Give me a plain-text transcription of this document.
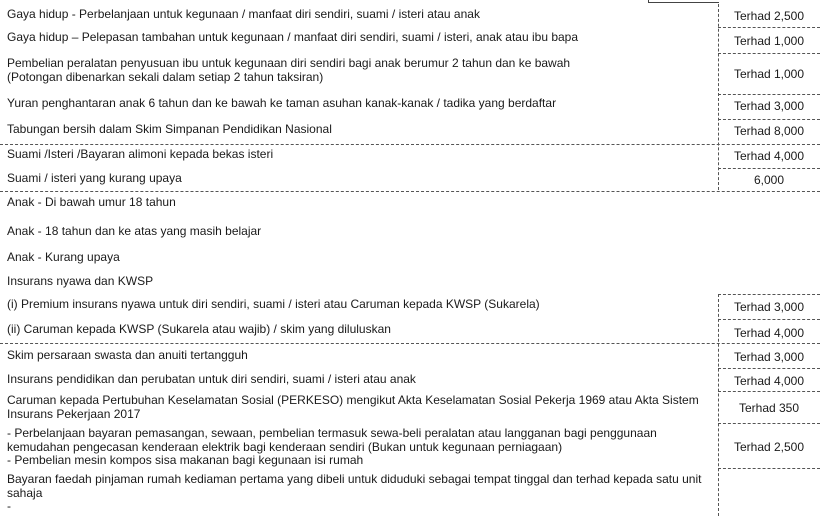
Gaya hidup - Perbelanjaan untuk kegunaan / manfaat diri sendiri, suami / isteri atau anak	Terhad 2,500
Gaya hidup – Pelepasan tambahan untuk kegunaan / manfaat diri sendiri, suami / isteri, anak atau ibu bapa	Terhad 1,000
Pembelian peralatan penyusuan ibu untuk kegunaan diri sendiri bagi anak berumur 2 tahun dan ke bawah
(Potongan dibenarkan sekali dalam setiap 2 tahun taksiran)	Terhad 1,000
Yuran penghantaran anak 6 tahun dan ke bawah ke taman asuhan kanak-kanak / tadika yang berdaftar	Terhad 3,000
Tabungan bersih dalam Skim Simpanan Pendidikan Nasional	Terhad 8,000
Suami /Isteri /Bayaran alimoni kepada bekas isteri	Terhad 4,000
Suami / isteri yang kurang upaya	6,000
Anak - Di bawah umur 18 tahun
Anak - 18 tahun dan ke atas yang masih belajar
Anak - Kurang upaya
Insurans nyawa dan KWSP
(i) Premium insurans nyawa untuk diri sendiri, suami / isteri atau Caruman kepada KWSP (Sukarela)	Terhad 3,000
(ii) Caruman kepada KWSP (Sukarela atau wajib) / skim yang diluluskan	Terhad 4,000
Skim persaraan swasta dan anuiti tertangguh	Terhad 3,000
Insurans pendidikan dan perubatan untuk diri sendiri, suami / isteri atau anak	Terhad 4,000
Caruman kepada Pertubuhan Keselamatan Sosial (PERKESO) mengikut Akta Keselamatan Sosial Pekerja 1969 atau Akta Sistem
Insurans Pekerjaan 2017	Terhad 350
- Perbelanjaan bayaran pemasangan, sewaan, pembelian termasuk sewa-beli peralatan atau langganan bagi penggunaan
kemudahan pengecasan kenderaan elektrik bagi kenderaan sendiri (Bukan untuk kegunaan perniagaan)
- Pembelian mesin kompos sisa makanan bagi kegunaan isi rumah
Terhad 2,500
Bayaran faedah pinjaman rumah kediaman pertama yang dibeli untuk diduduki sebagai tempat tinggal dan terhad kepada satu unit
sahaja
-
